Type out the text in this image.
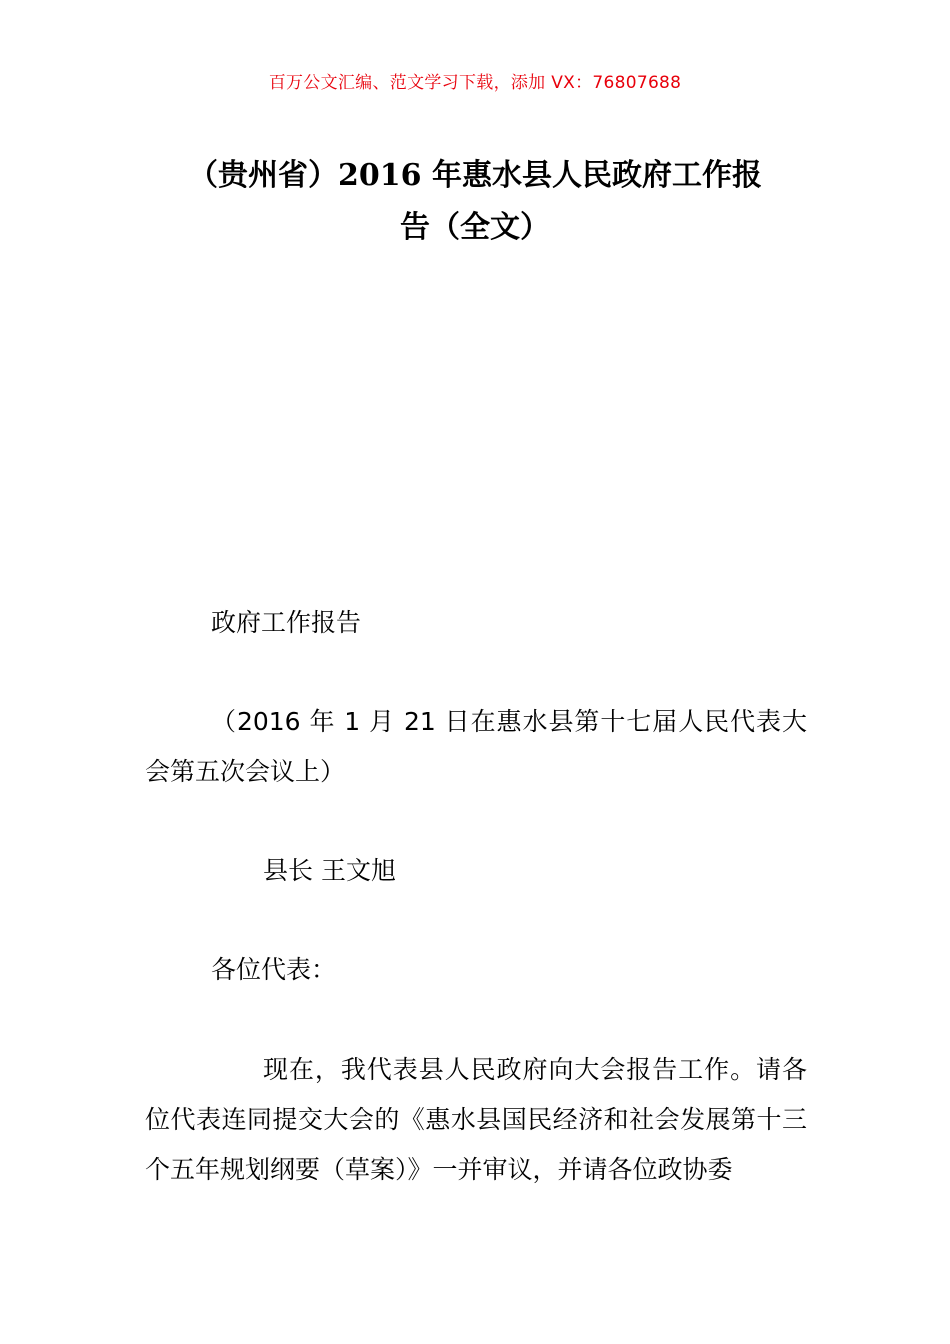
百万公文汇编、范文学习下载，添加 VX：76807688
（贵州省）2016 年惠水县人民政府工作报
告（全文）

政府工作报告

（2016 年 1 月 21 日在惠水县第十七届人民代表大会第五次会议上）

县长 王文旭

各位代表：

现在，我代表县人民政府向大会报告工作。请各位代表连同提交大会的《惠水县国民经济和社会发展第十三个五年规划纲要（草案）》一并审议，并请各位政协委
